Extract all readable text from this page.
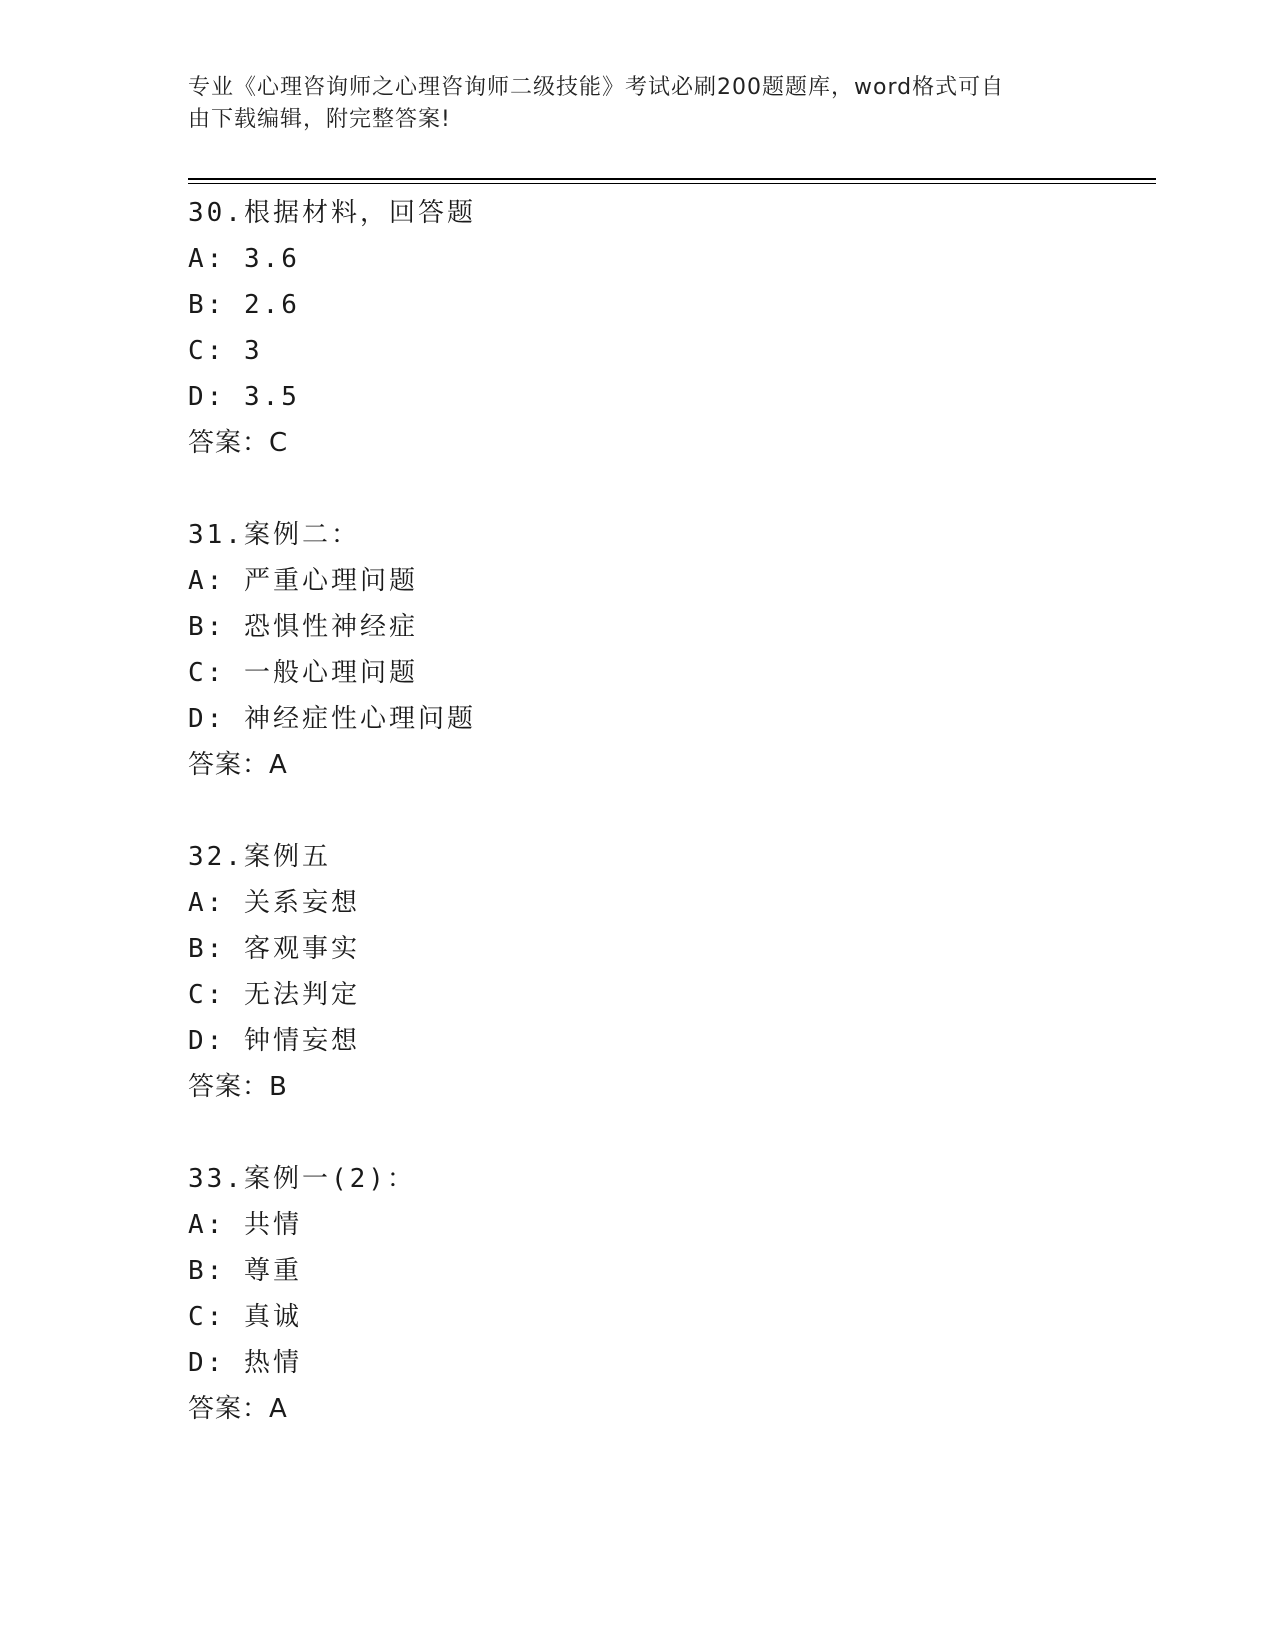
专业《心理咨询师之心理咨询师二级技能》考试必刷200题题库，word格式可自
由下载编辑，附完整答案!
30.根据材料，回答题
A: 3.6
B: 2.6
C: 3
D: 3.5
答案：C
31.案例二：
A: 严重心理问题
B: 恐惧性神经症
C: 一般心理问题
D: 神经症性心理问题
答案：A
32.案例五
A: 关系妄想
B: 客观事实
C: 无法判定
D: 钟情妄想
答案：B
33.案例一(2)：
A: 共情
B: 尊重
C: 真诚
D: 热情
答案：A
